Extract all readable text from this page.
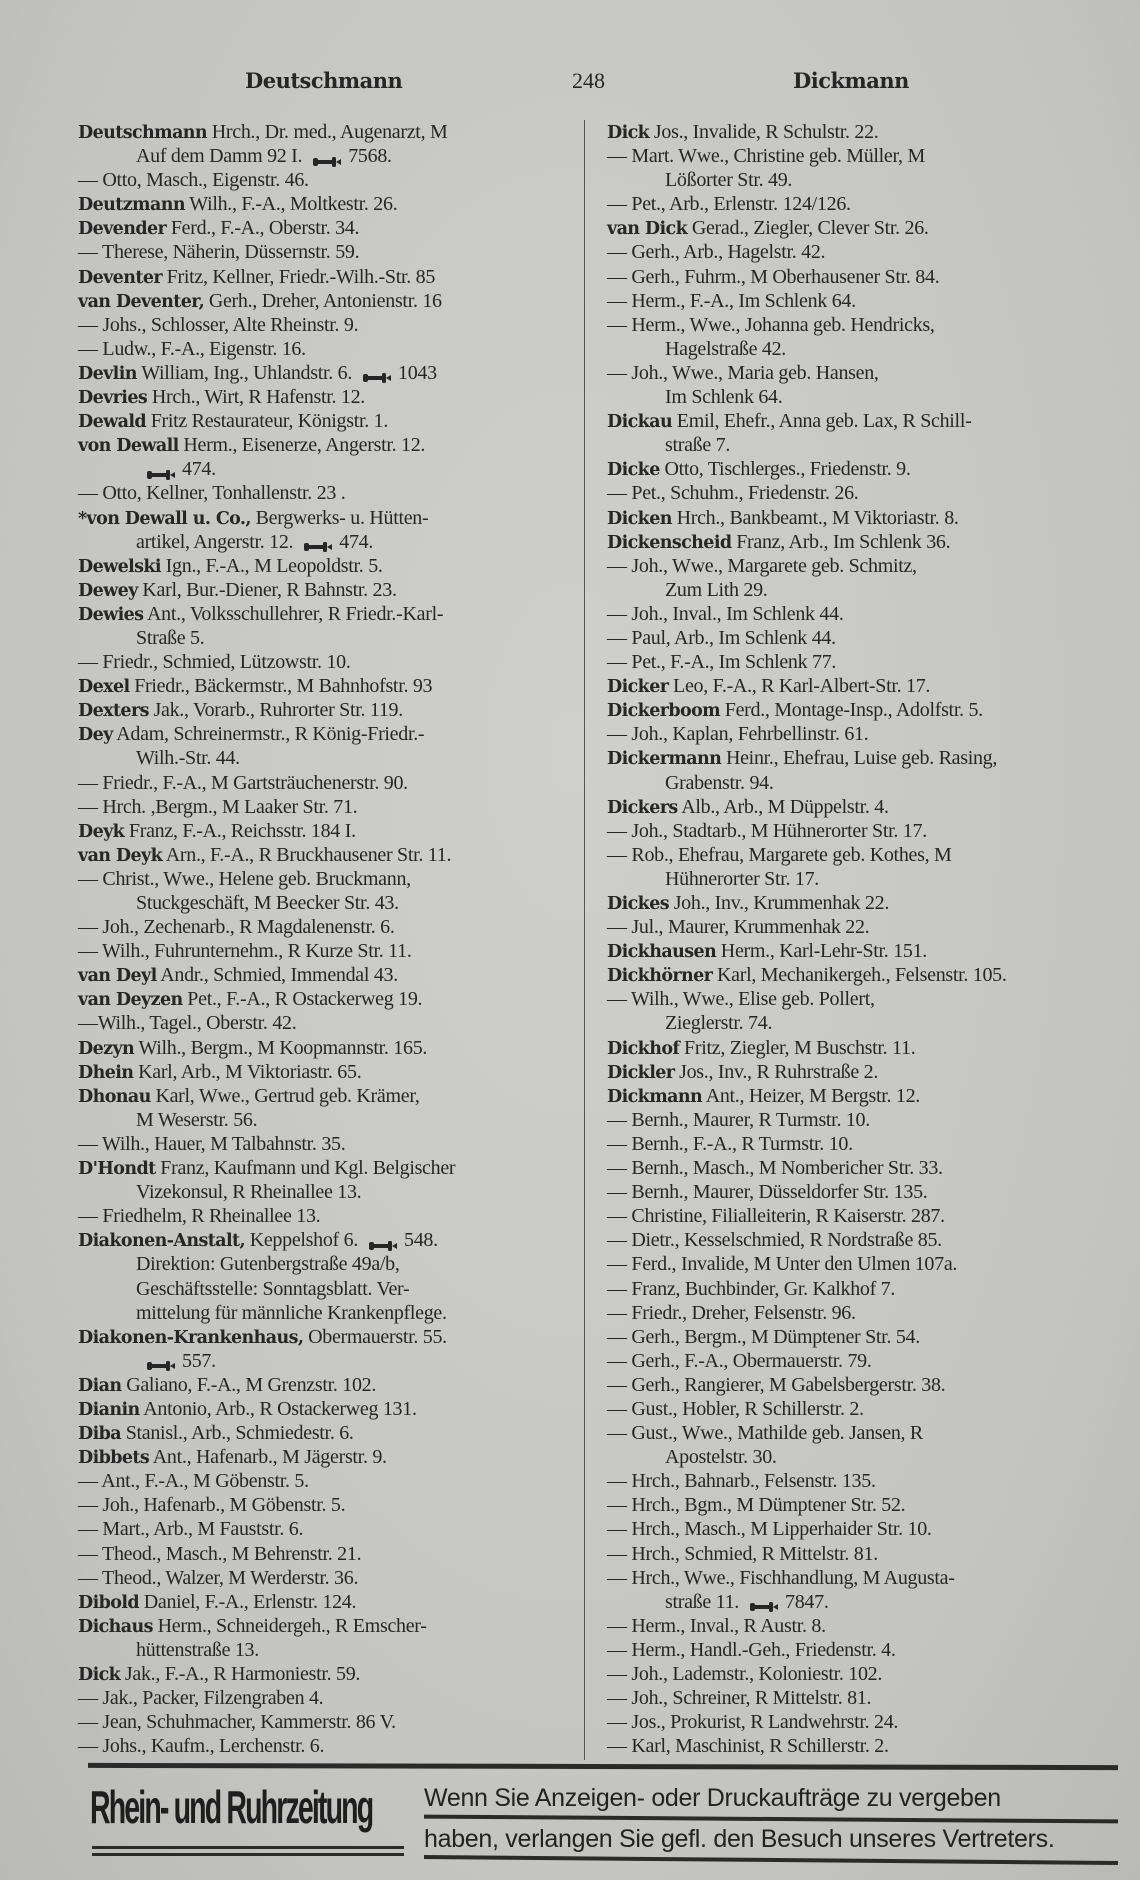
Deutschmann	248	Dickmann
Deutschmann Hrch., Dr. med., Augenarzt, M
Auf dem Damm 92 I. 7568.
— Otto, Masch., Eigenstr. 46.
Deutzmann Wilh., F.-A., Moltkestr. 26.
Devender Ferd., F.-A., Oberstr. 34.
— Therese, Näherin, Düssernstr. 59.
Deventer Fritz, Kellner, Friedr.-Wilh.-Str. 85
van Deventer, Gerh., Dreher, Antonienstr. 16
— Johs., Schlosser, Alte Rheinstr. 9.
— Ludw., F.-A., Eigenstr. 16.
Devlin William, Ing., Uhlandstr. 6. 1043
Devries Hrch., Wirt, R Hafenstr. 12.
Dewald Fritz Restaurateur, Königstr. 1.
von Dewall Herm., Eisenerze, Angerstr. 12.
474.
— Otto, Kellner, Tonhallenstr. 23 .
*von Dewall u. Co., Bergwerks- u. Hütten-
artikel, Angerstr. 12. 474.
Dewelski Ign., F.-A., M Leopoldstr. 5.
Dewey Karl, Bur.-Diener, R Bahnstr. 23.
Dewies Ant., Volksschullehrer, R Friedr.-Karl-
Straße 5.
— Friedr., Schmied, Lützowstr. 10.
Dexel Friedr., Bäckermstr., M Bahnhofstr. 93
Dexters Jak., Vorarb., Ruhrorter Str. 119.
Dey Adam, Schreinermstr., R König-Friedr.-
Wilh.-Str. 44.
— Friedr., F.-A., M Gartsträuchenerstr. 90.
— Hrch. ,Bergm., M Laaker Str. 71.
Deyk Franz, F.-A., Reichsstr. 184 I.
van Deyk Arn., F.-A., R Bruckhausener Str. 11.
— Christ., Wwe., Helene geb. Bruckmann,
Stuckgeschäft, M Beecker Str. 43.
— Joh., Zechenarb., R Magdalenenstr. 6.
— Wilh., Fuhrunternehm., R Kurze Str. 11.
van Deyl Andr., Schmied, Immendal 43.
van Deyzen Pet., F.-A., R Ostackerweg 19.
—Wilh., Tagel., Oberstr. 42.
Dezyn Wilh., Bergm., M Koopmannstr. 165.
Dhein Karl, Arb., M Viktoriastr. 65.
Dhonau Karl, Wwe., Gertrud geb. Krämer,
M Weserstr. 56.
— Wilh., Hauer, M Talbahnstr. 35.
D'Hondt Franz, Kaufmann und Kgl. Belgischer
Vizekonsul, R Rheinallee 13.
— Friedhelm, R Rheinallee 13.
Diakonen-Anstalt, Keppelshof 6. 548.
Direktion: Gutenbergstraße 49a/b,
Geschäftsstelle: Sonntagsblatt. Ver-
mittelung für männliche Krankenpflege.
Diakonen-Krankenhaus, Obermauerstr. 55.
557.
Dian Galiano, F.-A., M Grenzstr. 102.
Dianin Antonio, Arb., R Ostackerweg 131.
Diba Stanisl., Arb., Schmiedestr. 6.
Dibbets Ant., Hafenarb., M Jägerstr. 9.
— Ant., F.-A., M Göbenstr. 5.
— Joh., Hafenarb., M Göbenstr. 5.
— Mart., Arb., M Fauststr. 6.
— Theod., Masch., M Behrenstr. 21.
— Theod., Walzer, M Werderstr. 36.
Dibold Daniel, F.-A., Erlenstr. 124.
Dichaus Herm., Schneidergeh., R Emscher-
hüttenstraße 13.
Dick Jak., F.-A., R Harmoniestr. 59.
— Jak., Packer, Filzengraben 4.
— Jean, Schuhmacher, Kammerstr. 86 V.
— Johs., Kaufm., Lerchenstr. 6.
Dick Jos., Invalide, R Schulstr. 22.
— Mart. Wwe., Christine geb. Müller, M
Lößorter Str. 49.
— Pet., Arb., Erlenstr. 124/126.
van Dick Gerad., Ziegler, Clever Str. 26.
— Gerh., Arb., Hagelstr. 42.
— Gerh., Fuhrm., M Oberhausener Str. 84.
— Herm., F.-A., Im Schlenk 64.
— Herm., Wwe., Johanna geb. Hendricks,
Hagelstraße 42.
— Joh., Wwe., Maria geb. Hansen,
Im Schlenk 64.
Dickau Emil, Ehefr., Anna geb. Lax, R Schill-
straße 7.
Dicke Otto, Tischlerges., Friedenstr. 9.
— Pet., Schuhm., Friedenstr. 26.
Dicken Hrch., Bankbeamt., M Viktoriastr. 8.
Dickenscheid Franz, Arb., Im Schlenk 36.
— Joh., Wwe., Margarete geb. Schmitz,
Zum Lith 29.
— Joh., Inval., Im Schlenk 44.
— Paul, Arb., Im Schlenk 44.
— Pet., F.-A., Im Schlenk 77.
Dicker Leo, F.-A., R Karl-Albert-Str. 17.
Dickerboom Ferd., Montage-Insp., Adolfstr. 5.
— Joh., Kaplan, Fehrbellinstr. 61.
Dickermann Heinr., Ehefrau, Luise geb. Rasing,
Grabenstr. 94.
Dickers Alb., Arb., M Düppelstr. 4.
— Joh., Stadtarb., M Hühnerorter Str. 17.
— Rob., Ehefrau, Margarete geb. Kothes, M
Hühnerorter Str. 17.
Dickes Joh., Inv., Krummenhak 22.
— Jul., Maurer, Krummenhak 22.
Dickhausen Herm., Karl-Lehr-Str. 151.
Dickhörner Karl, Mechanikergeh., Felsenstr. 105.
— Wilh., Wwe., Elise geb. Pollert,
Zieglerstr. 74.
Dickhof Fritz, Ziegler, M Buschstr. 11.
Dickler Jos., Inv., R Ruhrstraße 2.
Dickmann Ant., Heizer, M Bergstr. 12.
— Bernh., Maurer, R Turmstr. 10.
— Bernh., F.-A., R Turmstr. 10.
— Bernh., Masch., M Nombericher Str. 33.
— Bernh., Maurer, Düsseldorfer Str. 135.
— Christine, Filialleiterin, R Kaiserstr. 287.
— Dietr., Kesselschmied, R Nordstraße 85.
— Ferd., Invalide, M Unter den Ulmen 107a.
— Franz, Buchbinder, Gr. Kalkhof 7.
— Friedr., Dreher, Felsenstr. 96.
— Gerh., Bergm., M Dümptener Str. 54.
— Gerh., F.-A., Obermauerstr. 79.
— Gerh., Rangierer, M Gabelsbergerstr. 38.
— Gust., Hobler, R Schillerstr. 2.
— Gust., Wwe., Mathilde geb. Jansen, R
Apostelstr. 30.
— Hrch., Bahnarb., Felsenstr. 135.
— Hrch., Bgm., M Dümptener Str. 52.
— Hrch., Masch., M Lipperhaider Str. 10.
— Hrch., Schmied, R Mittelstr. 81.
— Hrch., Wwe., Fischhandlung, M Augusta-
straße 11. 7847.
— Herm., Inval., R Austr. 8.
— Herm., Handl.-Geh., Friedenstr. 4.
— Joh., Lademstr., Koloniestr. 102.
— Joh., Schreiner, R Mittelstr. 81.
— Jos., Prokurist, R Landwehrstr. 24.
— Karl, Maschinist, R Schillerstr. 2.
Rhein- und Ruhrzeitung Wenn Sie Anzeigen- oder Druckaufträge zu vergeben
haben, verlangen Sie gefl. den Besuch unseres Vertreters.
